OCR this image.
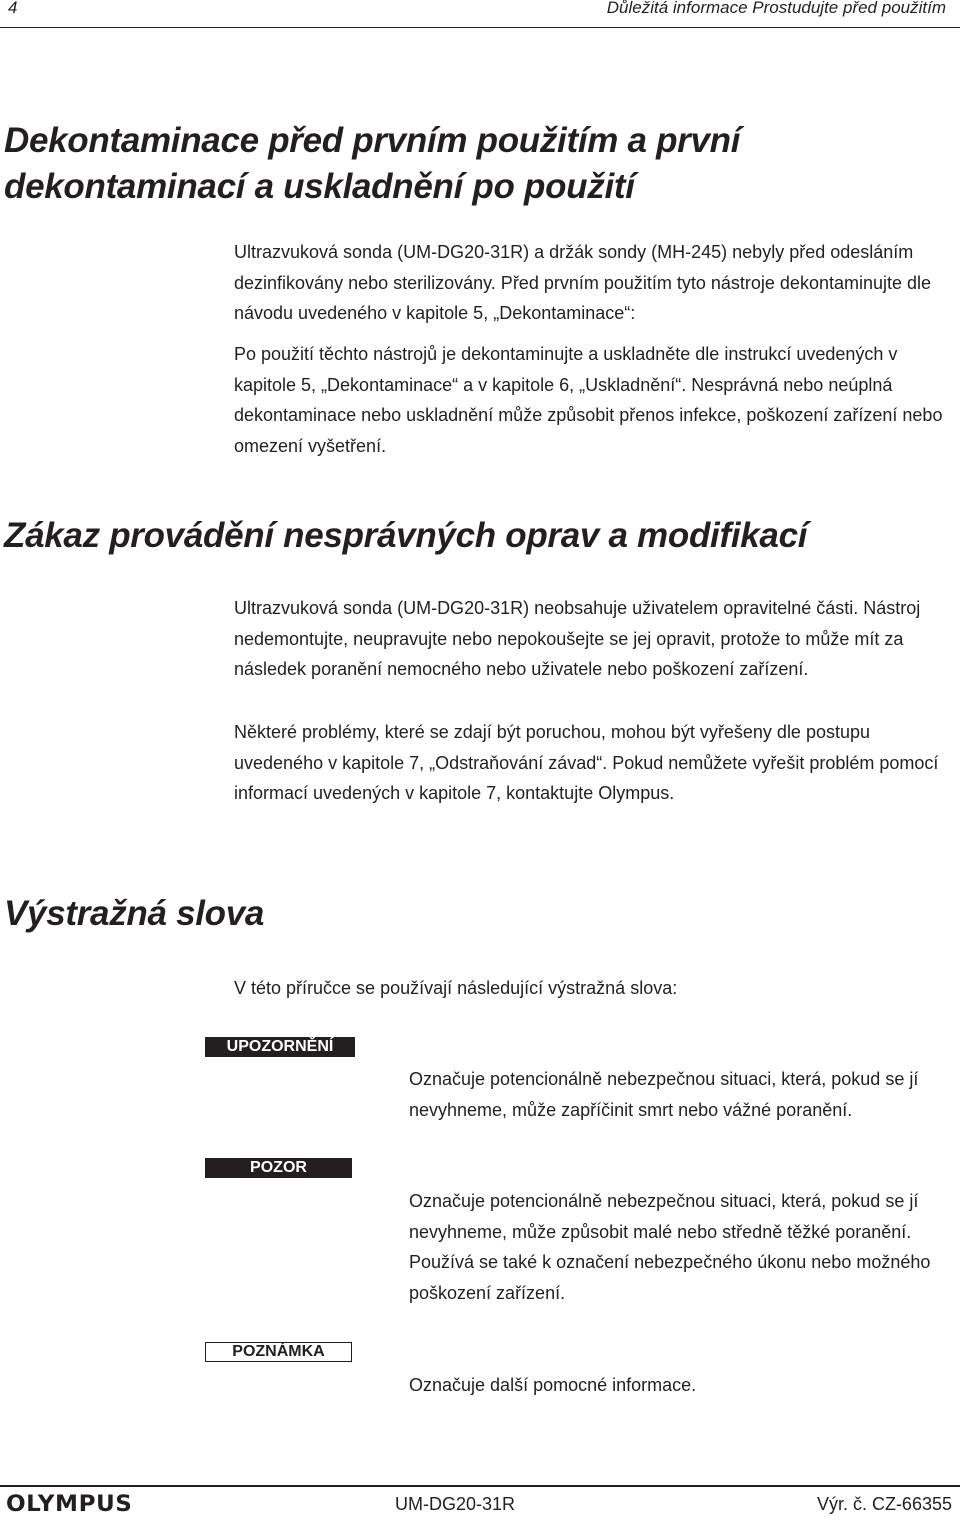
4	Důležitá informace Prostudujte před použitím
Dekontaminace před prvním použitím a první dekontaminací a uskladnění po použití

Ultrazvuková sonda (UM-DG20-31R) a držák sondy (MH-245) nebyly před odesláním dezinfikovány nebo sterilizovány. Před prvním použitím tyto nástroje dekontaminujte dle návodu uvedeného v kapitole 5, „Dekontaminace“:

Po použití těchto nástrojů je dekontaminujte a uskladněte dle instrukcí uvedených v kapitole 5, „Dekontaminace“ a v kapitole 6, „Uskladnění“. Nesprávná nebo neúplná dekontaminace nebo uskladnění může způsobit přenos infekce, poškození zařízení nebo omezení vyšetření.

Zákaz provádění nesprávných oprav a modifikací

Ultrazvuková sonda (UM-DG20-31R) neobsahuje uživatelem opravitelné části. Nástroj nedemontujte, neupravujte nebo nepokoušejte se jej opravit, protože to může mít za následek poranění nemocného nebo uživatele nebo poškození zařízení.

Některé problémy, které se zdají být poruchou, mohou být vyřešeny dle postupu uvedeného v kapitole 7, „Odstraňování závad“. Pokud nemůžete vyřešit problém pomocí informací uvedených v kapitole 7, kontaktujte Olympus.

Výstražná slova

V této příručce se používají následující výstražná slova:

UPOZORNĚNÍ

Označuje potencionálně nebezpečnou situaci, která, pokud se jí nevyhneme, může zapříčinit smrt nebo vážné poranění.

POZOR

Označuje potencionálně nebezpečnou situaci, která, pokud se jí nevyhneme, může způsobit malé nebo středně těžké poranění. Používá se také k označení nebezpečného úkonu nebo možného poškození zařízení.

POZNÁMKA

Označuje další pomocné informace.

OLYMPUS	UM-DG20-31R	Výr. č. CZ-66355
